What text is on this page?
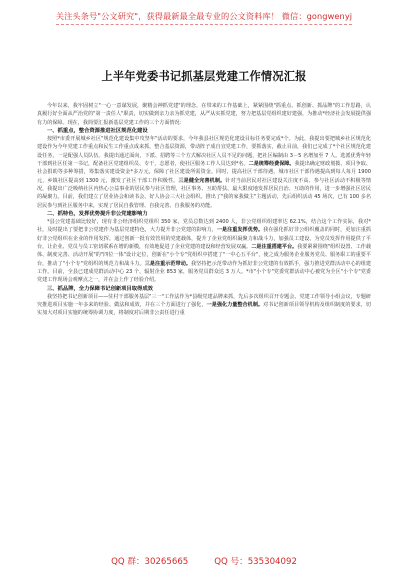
关注头条号"公文研究"，获得最新最全最专业的公文资料库！ 微信：gongwenyj
上半年党委书记抓基层党建工作情况汇报

今年以来，我牢固树立"一心一意谋发展，聚精会神抓党建"的理念，在带来的工作基础上，紧紧围绕"抓重点、抓创新、抓品牌"的工作思路，认真履行好全面从严治党的"第一责任人"职责，切实做到亲力亲为抓党建，从严从实抓党建，努力把基层党组织建好建强，为推动*经济社会发展提供强有力的保障。现在，我简要汇报新基层党建工作的三个方面情况：

一、抓重点，整合资源推进社区规范化建设

按照*市委开展城乡社区"规范化建设集中攻坚年"活动的要求，今年我县社区规范化建设目标任务要完成*个。为此，我提出要把城乡社区规范化建设作为今年党建工作重点和民生工作重点成来抓，整合基层资源，带动阵子成自宜党建工作，要抓落实，截止目前，我们已完成了*个社区规范化建设任务，一是配强人员队伍。我提出通过面向，下派、招聘等三个方式解决社区人员不足的问题，把社区编制由 3－5 名增加至 7 人。选派优秀年轻干部到社区任第一书记，配备社区党建组织员、专干，志愿者，使社区服务工作人员达到*名。二是统筹经费保障。我提出确定财政划拨、项目争取、社会捐助等多种筹措，筹集落实建设资金*多万元，保障了社区建设所需资金。同时，提高社区干部待遇，城市社区干部待遇提高到每人每月 1900 元，乡镇社区提高到 1300 元，激发了社区干部工作积极性。三是健全完善机制。针对当前居民对社区建设关注度不高、参与社区活动不积极等情况，我提出广泛吸纳社区内热心公益事业的居民参与社区管理，社区事务、互助帮扶、最大限度地发挥居民自治、互助的作用，进一步增强社区居民的凝聚力。目前，我们建立了居业协会和读书会、好人协会三大社会组织。推出了"我的家我做主"主题活动，先后组织活动 45 场次，已有 100 多名居民参与到社区服务中来，实现了居民自我管理、自我完善、自我服务的功能。

二、抓特色，发挥优势提升非公党建影响力

*县公党建基础比较好，现有非公经济组织党组织 350 家，党员总数达到 2400 人，非公党组织组建率达 62.1%，结合这个工作实际，我对*社，及时提出了要把非公党建作为基层党建特色，大力提升非公党建的影响力，一是注重发挥优势。我在强化抓好非公组织覆盖的同时，更加注重抓好非公党组织在企业的作用发挥。通过创新一批有效管用的党建载体，提升了企业党组织凝聚力和战斗力，加强员工建设、为党员发挥作用提供了平台，让企业、党员与员工密切联系在增的新模，有效地促进了企业党建的建设和经营发展双赢。二是注重搭建平台。我要紧紧围绕"组织设置、工作载体、制度完善、活动开展"的"四位一体"设计定位，创新在"小个专"党组织中搭建了"一中心五平台"，使之成为服务企业服务党员、服务职工的重要平台，推动了"小个专"党组织的规范力和战斗力。三是注重示范带动。我坚持把示范带动作为抓好非公党建的有效抓手，强力推进党群活动中心的组建工作。目前，全县已建成党群活动中心 23 个，辐射企业 853 家，服务党员群众达 3 万人。*市"小个专"党委党群活动中心被党为全区"小个专"党委党建工作现场会观摩点之一，并在会上作了经验介绍。

三、抓品牌，全力保障书记创新项目取得成效

我坚持把书记创新项目——驻村干部服务基层"三一"工作法作为*县级党建品牌来抓，先后多次组织召开专题会、党建工作领导小组会议，专题研究推进项目实施一年多来的经验、做法和成效，并在三个方面进行了强化，一是强化力量整合机制。对书记创新项目领导机构及组织制度的要求，切实加大对项目实施的统筹协调力度，将制度对后期非公责任进行重

QQ 群：30265665	QQ 号：535304092
